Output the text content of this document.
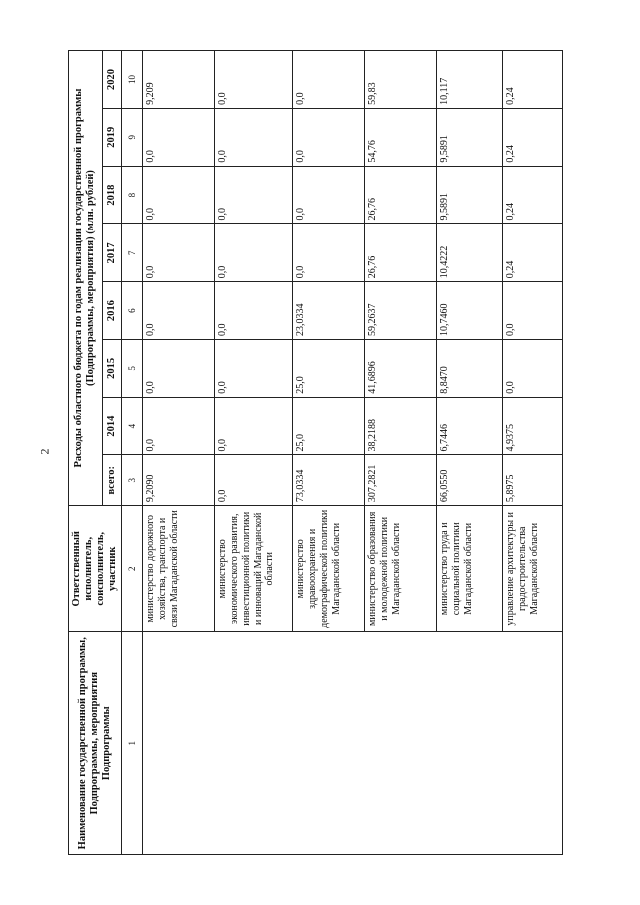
2
Наименование государственной программы, Подпрограммы, мероприятия Подпрограммы	Ответственный исполнитель, соисполнитель, участник	Расходы областного бюджета по годам реализации государственной программы (Подпрограммы, мероприятия) (млн. рублей)							
		всего:	2014	2015	2016	2017	2018	2019	2020
1	2	3	4	5	6	7	8	9	10
	министерство дорожного хозяйства, транспорта и связи Магаданской области	9,2090	0,0	0,0	0,0	0,0	0,0	0,0	9,209
	министерство экономического развития, инвестиционной политики и инноваций Магаданской области	0,0	0,0	0,0	0,0	0,0	0,0	0,0	0,0
	министерство здравоохранения и демографической политики Магаданской области	73,0334	25,0	25,0	23,0334	0,0	0,0	0,0	0,0
	министерство образования и молодежной политики Магаданской области	307,2821	38,2188	41,6896	59,2637	26,76	26,76	54,76	59,83
	министерство труда и социальной политики Магаданской области	66,0550	6,7446	8,8470	10,7460	10,4222	9,5891	9,5891	10,117
	управление архитектуры и градостроительства Магаданской области	5,8975	4,9375	0,0	0,0	0,24	0,24	0,24	0,24
